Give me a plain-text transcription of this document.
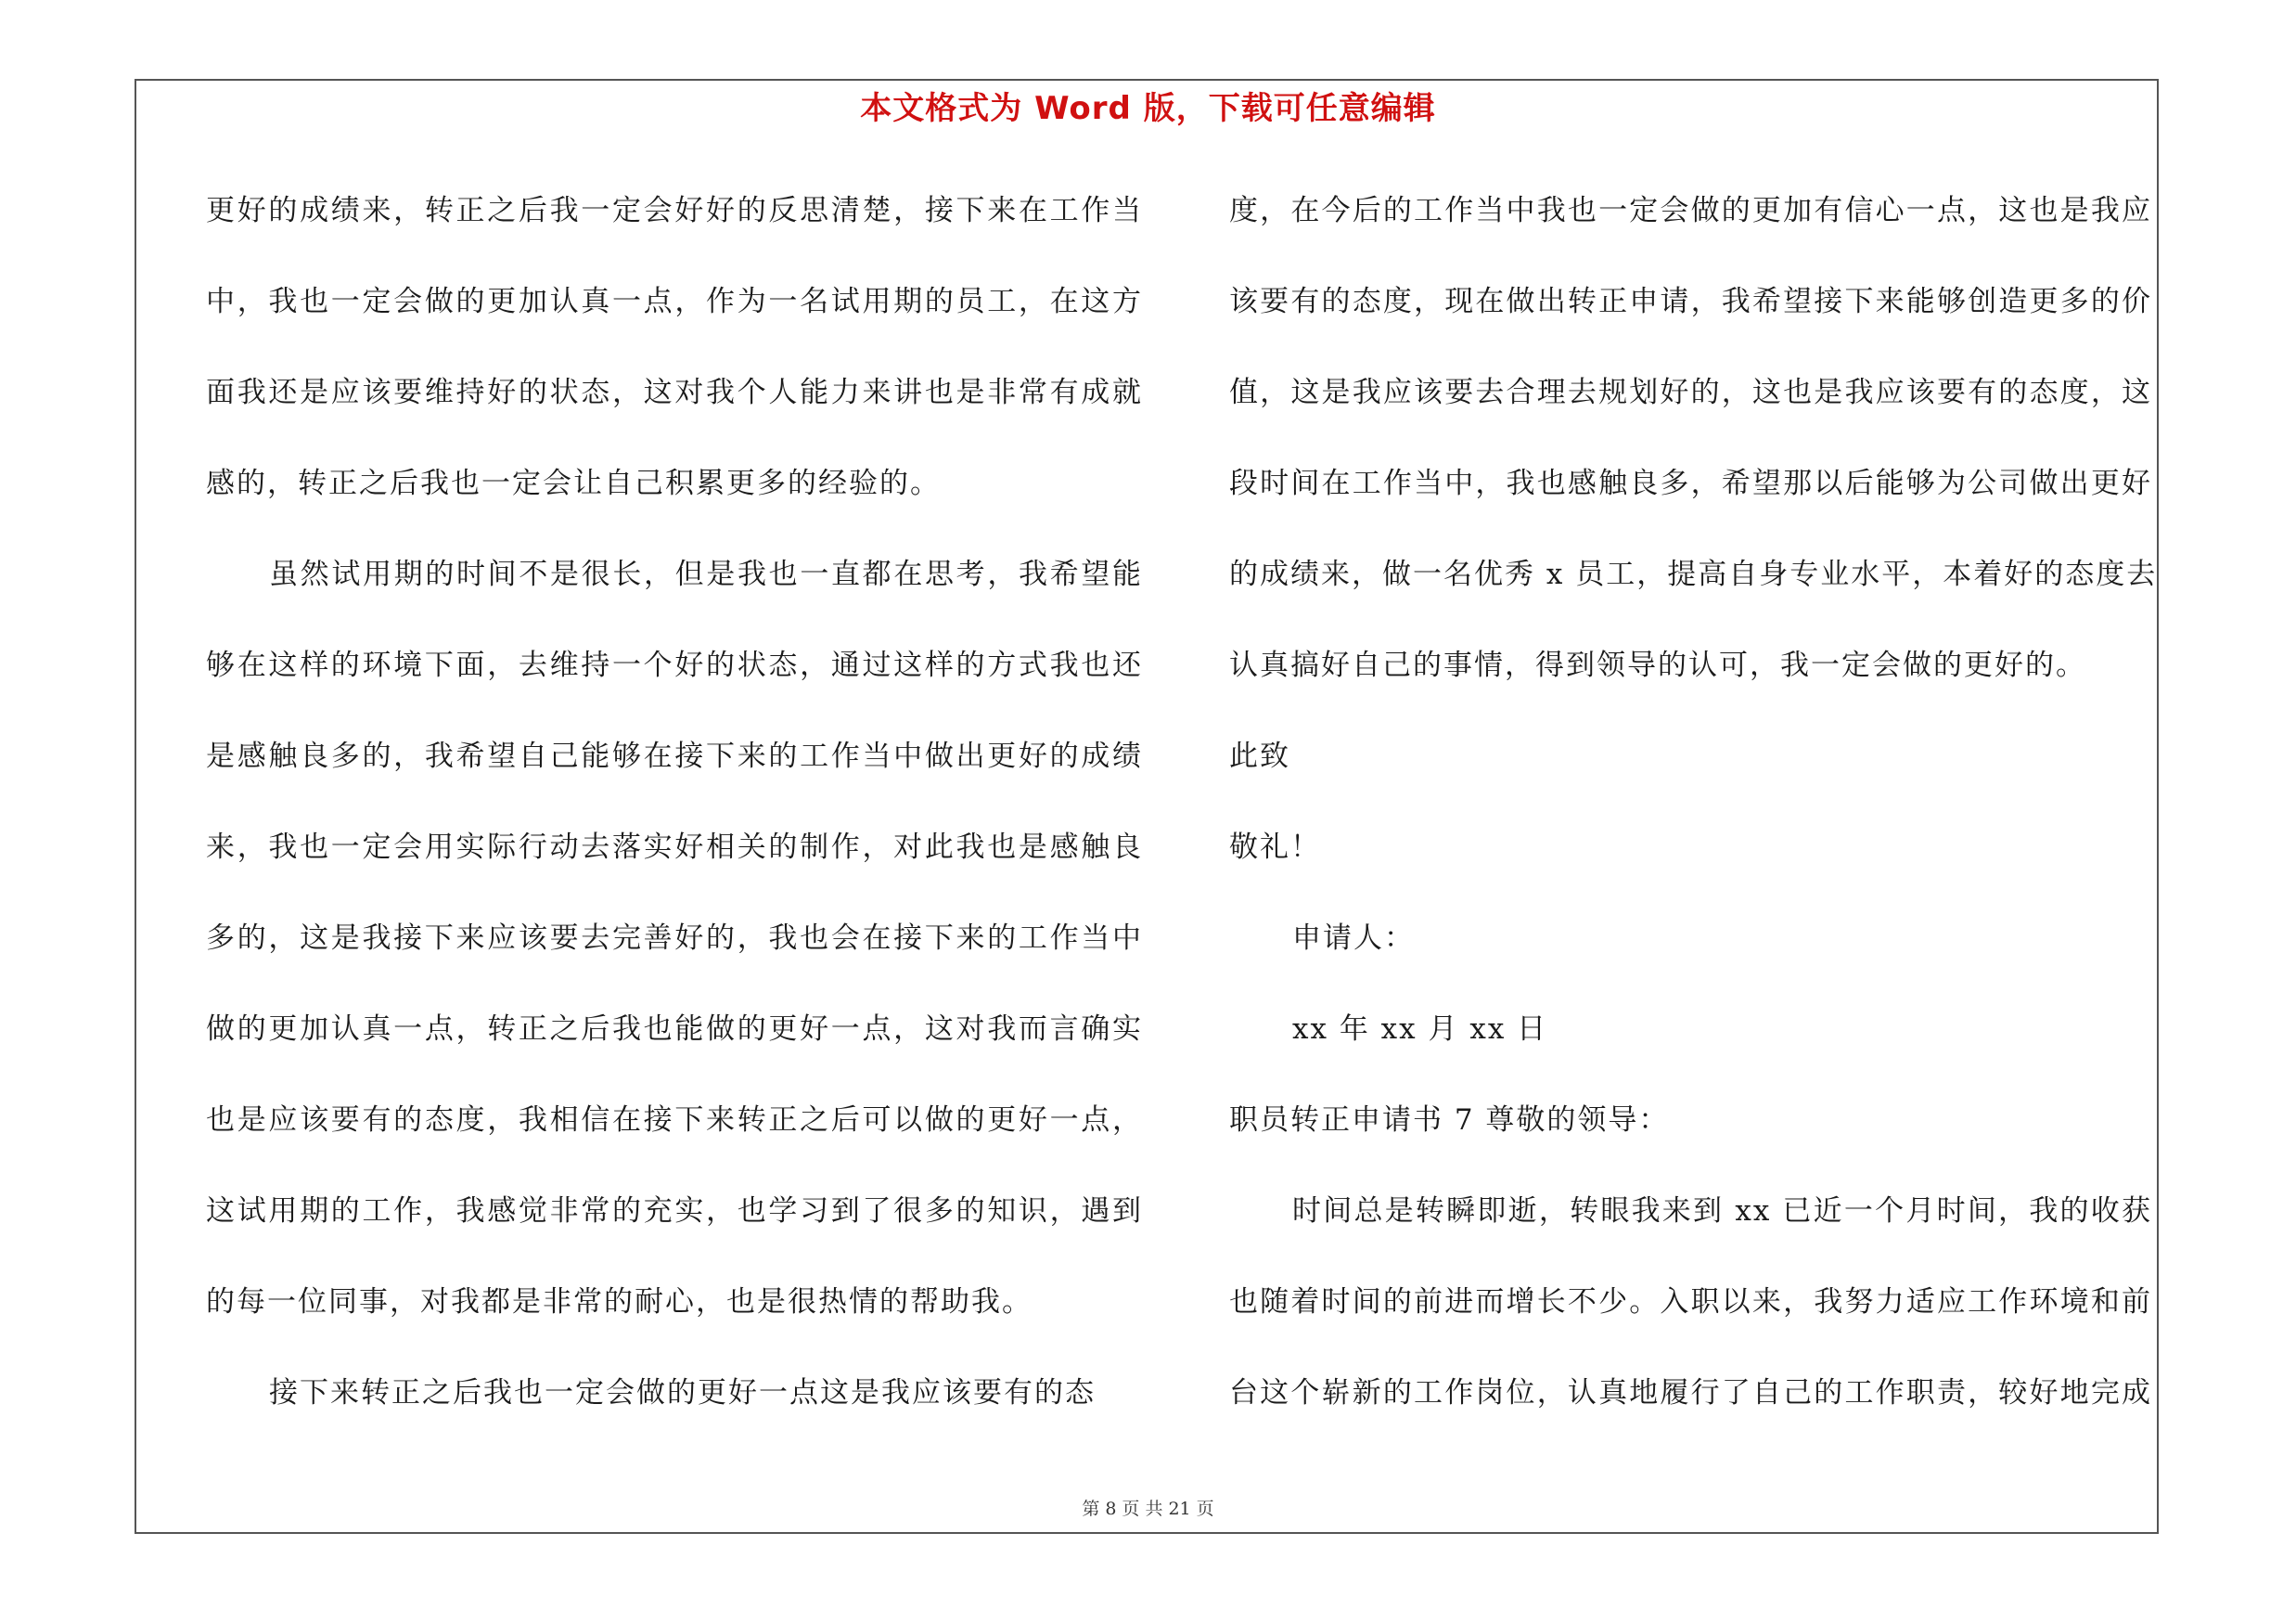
本文格式为 Word 版，下载可任意编辑
更好的成绩来，转正之后我一定会好好的反思清楚，接下来在工作当
中，我也一定会做的更加认真一点，作为一名试用期的员工，在这方
面我还是应该要维持好的状态，这对我个人能力来讲也是非常有成就
感的，转正之后我也一定会让自己积累更多的经验的。
虽然试用期的时间不是很长，但是我也一直都在思考，我希望能
够在这样的环境下面，去维持一个好的状态，通过这样的方式我也还
是感触良多的，我希望自己能够在接下来的工作当中做出更好的成绩
来，我也一定会用实际行动去落实好相关的制作，对此我也是感触良
多的，这是我接下来应该要去完善好的，我也会在接下来的工作当中
做的更加认真一点，转正之后我也能做的更好一点，这对我而言确实
也是应该要有的态度，我相信在接下来转正之后可以做的更好一点，
这试用期的工作，我感觉非常的充实，也学习到了很多的知识，遇到
的每一位同事，对我都是非常的耐心，也是很热情的帮助我。
接下来转正之后我也一定会做的更好一点这是我应该要有的态
度，在今后的工作当中我也一定会做的更加有信心一点，这也是我应
该要有的态度，现在做出转正申请，我希望接下来能够创造更多的价
值，这是我应该要去合理去规划好的，这也是我应该要有的态度，这
段时间在工作当中，我也感触良多，希望那以后能够为公司做出更好
的成绩来，做一名优秀 x 员工，提高自身专业水平，本着好的态度去
认真搞好自己的事情，得到领导的认可，我一定会做的更好的。
此致
敬礼！
申请人：
xx 年 xx 月 xx 日
职员转正申请书 7 尊敬的领导：
时间总是转瞬即逝，转眼我来到 xx 已近一个月时间，我的收获
也随着时间的前进而增长不少。入职以来，我努力适应工作环境和前
台这个崭新的工作岗位，认真地履行了自己的工作职责，较好地完成
第 8 页 共 21 页
